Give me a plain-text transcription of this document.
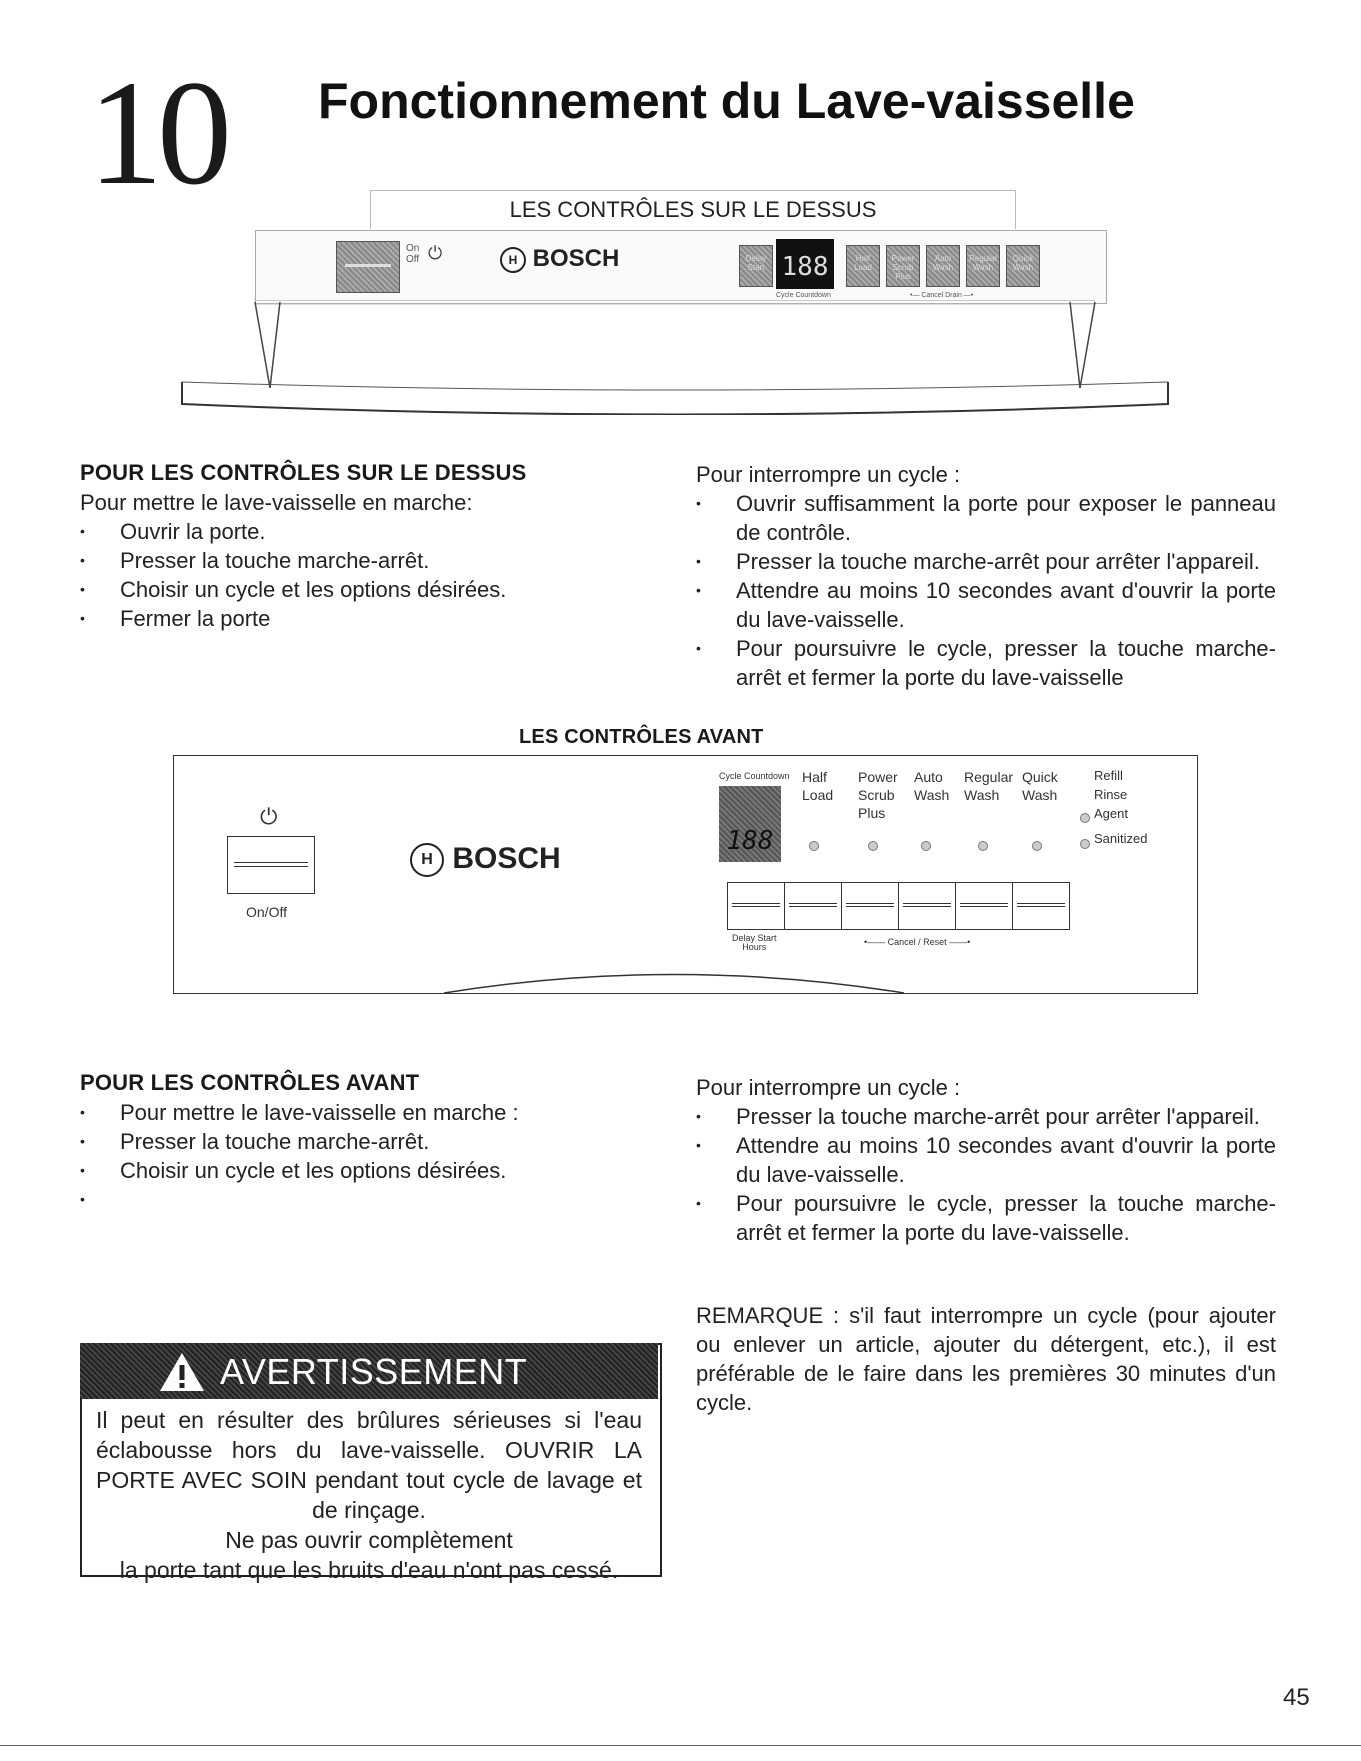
10 Fonctionnement du Lave-vaisselle
LES CONTRÔLES SUR LE DESSUS
On
Off ⏻	H BOSCH	Delay Start 188	Half Load
Power Scrub Plus
Auto Wash
Regular Wash
Quick Wash
Cycle Countdown	•— Cancel Drain —•
POUR LES CONTRÔLES SUR LE DESSUS
Pour mettre le lave-vaisselle en marche:
• Ouvrir la porte.
• Presser la touche marche-arrêt.
• Choisir un cycle et les options désirées.
• Fermer la porte
Pour interrompre un cycle :
• Ouvrir suffisamment la porte pour exposer le panneau de contrôle.
• Presser la touche marche-arrêt pour arrêter l'appareil.
• Attendre au moins 10 secondes avant d'ouvrir la porte du lave-vaisselle.
• Pour poursuivre le cycle, presser la touche marche-arrêt et fermer la porte du lave-vaisselle
LES CONTRÔLES AVANT
⏻
On/Off
H BOSCH
Cycle Countdown
188
Half
Load
Power
Scrub
Plus
Auto
Wash
Regular
Wash
Quick
Wash
Refill
Rinse
Agent
Sanitized
Delay Start
Hours	•—— Cancel / Reset ——•
POUR LES CONTRÔLES AVANT
• Pour mettre le lave-vaisselle en marche :
• Presser la touche marche-arrêt.
• Choisir un cycle et les options désirées.
•
Pour interrompre un cycle :
• Presser la touche marche-arrêt pour arrêter l'appareil.
• Attendre au moins 10 secondes avant d'ouvrir la porte du lave-vaisselle.
• Pour poursuivre le cycle, presser la touche marche-arrêt et fermer la porte du lave-vaisselle.
REMARQUE : s'il faut interrompre un cycle (pour ajouter ou enlever un article, ajouter du détergent, etc.), il est préférable de le faire dans les premières 30 minutes d'un cycle.
AVERTISSEMENT
Il peut en résulter des brûlures sérieuses si l'eau éclabousse hors du lave-vaisselle. OUVRIR LA PORTE AVEC SOIN pendant tout cycle de lavage et de rinçage.
Ne pas ouvrir complètement
la porte tant que les bruits d'eau n'ont pas cessé.
45
